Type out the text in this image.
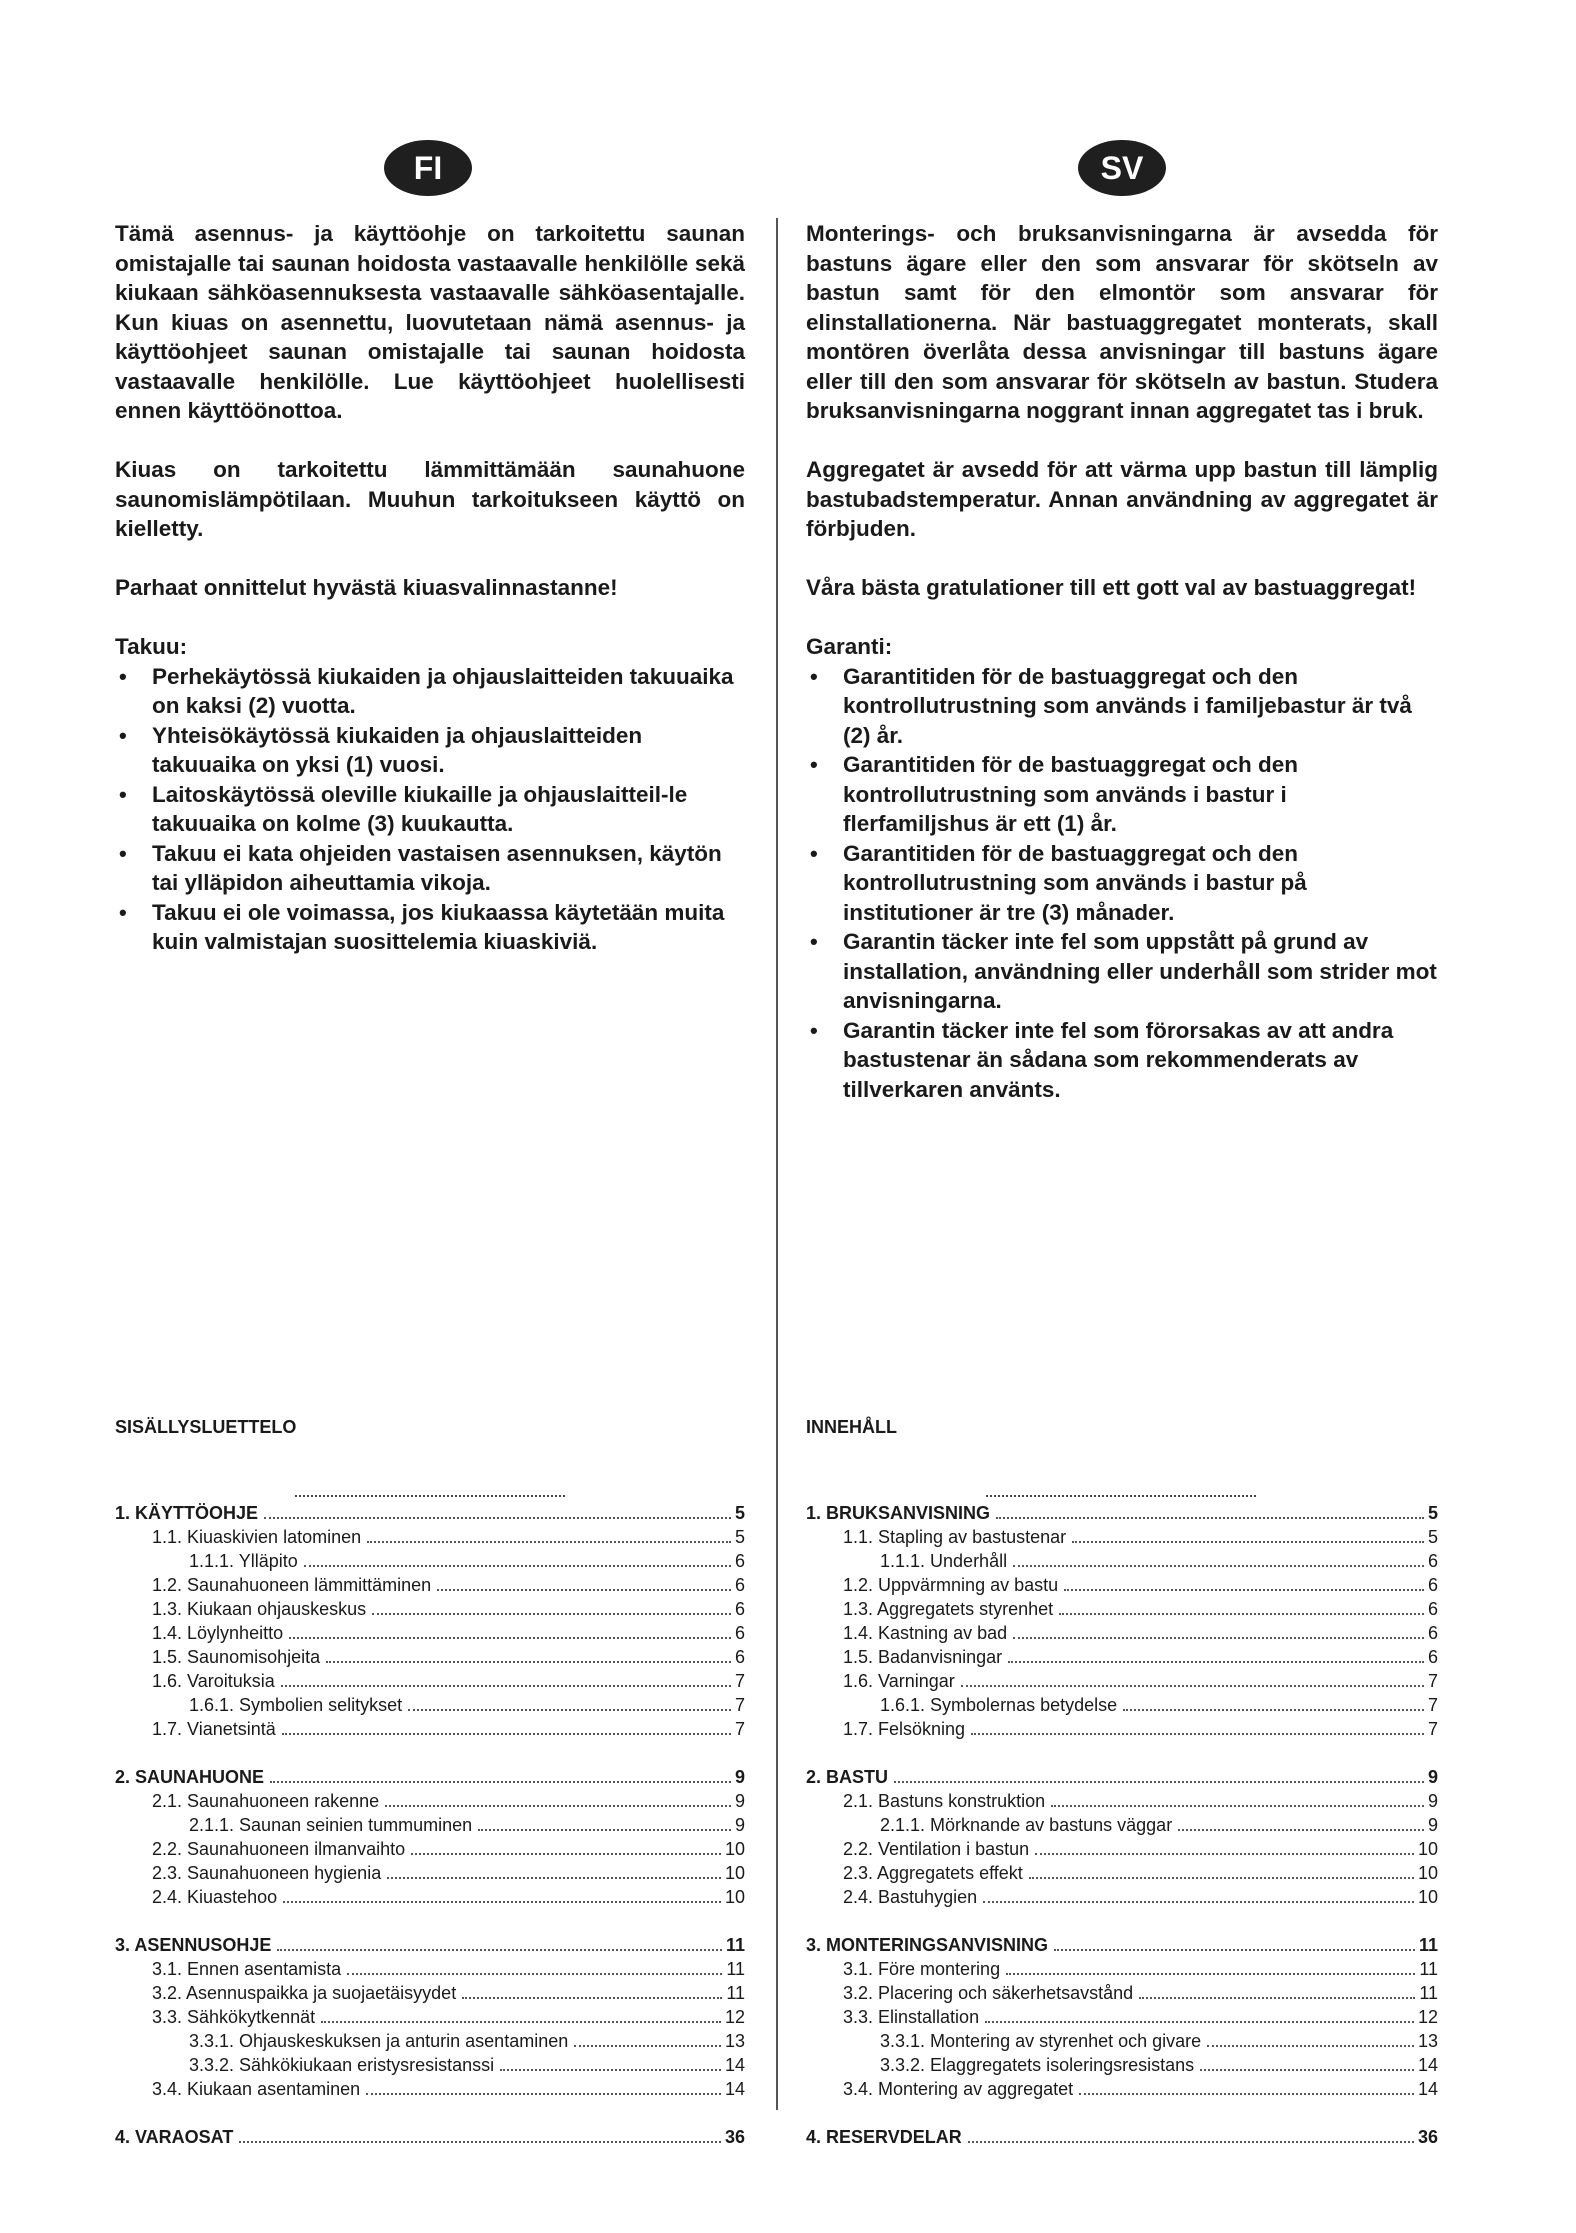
FI	SV

Tämä asennus- ja käyttöohje on tarkoitettu saunan omistajalle tai saunan hoidosta vastaavalle henkilölle sekä kiukaan sähköasennuksesta vastaavalle sähköasentajalle. Kun kiuas on asennettu, luovutetaan nämä asennus- ja käyttöohjeet saunan omistajalle tai saunan hoidosta vastaavalle henkilölle. Lue käyttöohjeet huolellisesti ennen käyttöönottoa.

Kiuas on tarkoitettu lämmittämään saunahuone saunomislämpötilaan. Muuhun tarkoitukseen käyttö on kielletty.

Parhaat onnittelut hyvästä kiuasvalinnastanne!

Takuu:

• Perhekäytössä kiukaiden ja ohjauslaitteiden takuuaika on kaksi (2) vuotta.
• Yhteisökäytössä kiukaiden ja ohjauslaitteiden takuuaika on yksi (1) vuosi.
• Laitoskäytössä oleville kiukaille ja ohjauslaitteil-le takuuaika on kolme (3) kuukautta.
• Takuu ei kata ohjeiden vastaisen asennuksen, käytön tai ylläpidon aiheuttamia vikoja.
• Takuu ei ole voimassa, jos kiukaassa käytetään muita kuin valmistajan suosittelemia kiuaskiviä.

Monterings- och bruksanvisningarna är avsedda för bastuns ägare eller den som ansvarar för skötseln av bastun samt för den elmontör som ansvarar för elinstallationerna. När bastuaggregatet monterats, skall montören överlåta dessa anvisningar till bastuns ägare eller till den som ansvarar för skötseln av bastun. Studera bruksanvisningarna noggrant innan aggregatet tas i bruk.

Aggregatet är avsedd för att värma upp bastun till lämplig bastubadstemperatur. Annan användning av aggregatet är förbjuden.

Våra bästa gratulationer till ett gott val av bastuaggregat!

Garanti:

• Garantitiden för de bastuaggregat och den kontrollutrustning som används i familjebastur är två (2) år.
• Garantitiden för de bastuaggregat och den kontrollutrustning som används i bastur i flerfamiljshus är ett (1) år.
• Garantitiden för de bastuaggregat och den kontrollutrustning som används i bastur på institutioner är tre (3) månader.
• Garantin täcker inte fel som uppstått på grund av installation, användning eller underhåll som strider mot anvisningarna.
• Garantin täcker inte fel som förorsakas av att andra bastustenar än sådana som rekommenderats av tillverkaren använts.

SISÄLLYSLUETTELO

1. KÄYTTÖOHJE	5
1.1. Kiuaskivien latominen	5
1.1.1. Ylläpito	6
1.2. Saunahuoneen lämmittäminen	6
1.3. Kiukaan ohjauskeskus	6
1.4. Löylynheitto	6
1.5. Saunomisohjeita	6
1.6. Varoituksia	7
1.6.1. Symbolien selitykset	7
1.7. Vianetsintä	7
2. SAUNAHUONE	9
2.1. Saunahuoneen rakenne	9
2.1.1. Saunan seinien tummuminen	9
2.2. Saunahuoneen ilmanvaihto	10
2.3. Saunahuoneen hygienia	10
2.4. Kiuastehoo	10
3. ASENNUSOHJE	11
3.1. Ennen asentamista	11
3.2. Asennuspaikka ja suojaetäisyydet	11
3.3. Sähkökytkennät	12
3.3.1. Ohjauskeskuksen ja anturin asentaminen	13
3.3.2. Sähkökiukaan eristysresistanssi	14
3.4. Kiukaan asentaminen	14
4. VARAOSAT	36

INNEHÅLL

1. BRUKSANVISNING	5
1.1. Stapling av bastustenar	5
1.1.1. Underhåll	6
1.2. Uppvärmning av bastu	6
1.3. Aggregatets styrenhet	6
1.4. Kastning av bad	6
1.5. Badanvisningar	6
1.6. Varningar	7
1.6.1. Symbolernas betydelse	7
1.7. Felsökning	7
2. BASTU	9
2.1. Bastuns konstruktion	9
2.1.1. Mörknande av bastuns väggar	9
2.2. Ventilation i bastun	10
2.3. Aggregatets effekt	10
2.4. Bastuhygien	10
3. MONTERINGSANVISNING	11
3.1. Före montering	11
3.2. Placering och säkerhetsavstånd	11
3.3. Elinstallation	12
3.3.1. Montering av styrenhet och givare	13
3.3.2. Elaggregatets isoleringsresistans	14
3.4. Montering av aggregatet	14
4. RESERVDELAR	36
